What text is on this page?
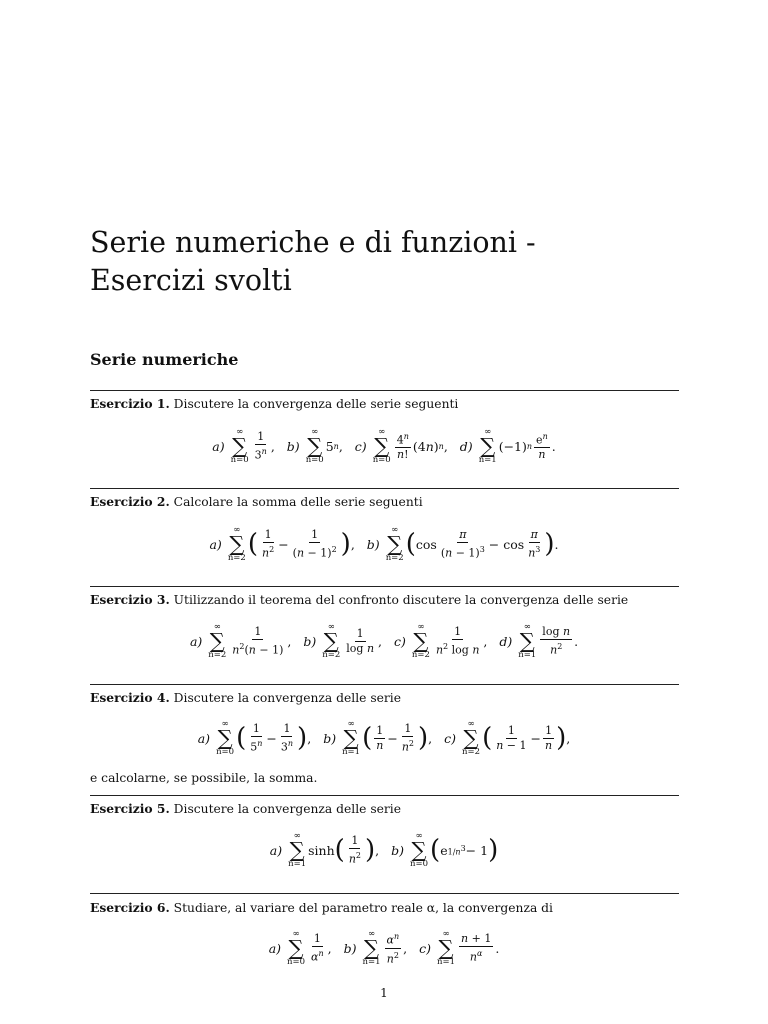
Serie numeriche e di funzioni -
Esercizi svolti
Serie numeriche
Esercizio 1. Discutere la convergenza delle serie seguenti
a)
∞
∑
$n=0 \frac{1}{3^n}$ , b)
∞
∑
n=0
5 n , c)
∞
∑
$n=0 \frac{4^n}{n!} (4$ n ) n , d)
∞
∑
n=1
(−1) n $\frac{e^n}{n}$ .
Esercizio 2. Calcolare la somma delle serie seguenti
a)
∞
∑
n=2 ( $\frac{1}{n^2} - \frac{1}{(n - 1)^2}$ ) , b)
∞
∑
n=2 ( $\cos \frac{\pi}{(n - 1)^3} - \cos \frac{\pi}{n^3}$ ) .
Esercizio 3. Utilizzando il teorema del confronto discutere la convergenza delle serie
a)
∞
∑
$n=2 \frac{1}{n^2(n - 1)}$ , b)
∞
∑
n=2
$\frac{1}{\text{log n}}$ , c)
∞
∑
$n=2 \frac{1}{n^2 \log n}$ , d)
∞
∑
$n=1 \frac{\text{log n}}{n^2}$ .
Esercizio 4. Discutere la convergenza delle serie
a)
∞
∑
n=0 ( $\frac{1}{5^n} - \frac{1}{3^n}$ ) , b)
∞
∑
n=1 ( $\frac{1}{n} - \frac{1}{n^2}$ ) , c)
∞
∑
n=2 ( $\frac{1}{n - 1} - \frac{1}{n}$ ) ,
e calcolarne, se possibile, la somma.
Esercizio 5. Discutere la convergenza delle serie
a)
∞
∑
n=1
sinh ( $\frac{1}{n^2}$ ) , b)
∞
∑
n=0 ( e $1/n^3 - 1$ )
Esercizio 6. Studiare, al variare del parametro reale α, la convergenza di
a)
∞
∑
$n=0 \frac{1}{\alpha^n}$ , b)
∞
∑
$n=1 \frac{\alpha^n}{n^2}$ , c)
∞
∑
$n=1 \frac{n + 1}{n^\alpha}$ .
1
